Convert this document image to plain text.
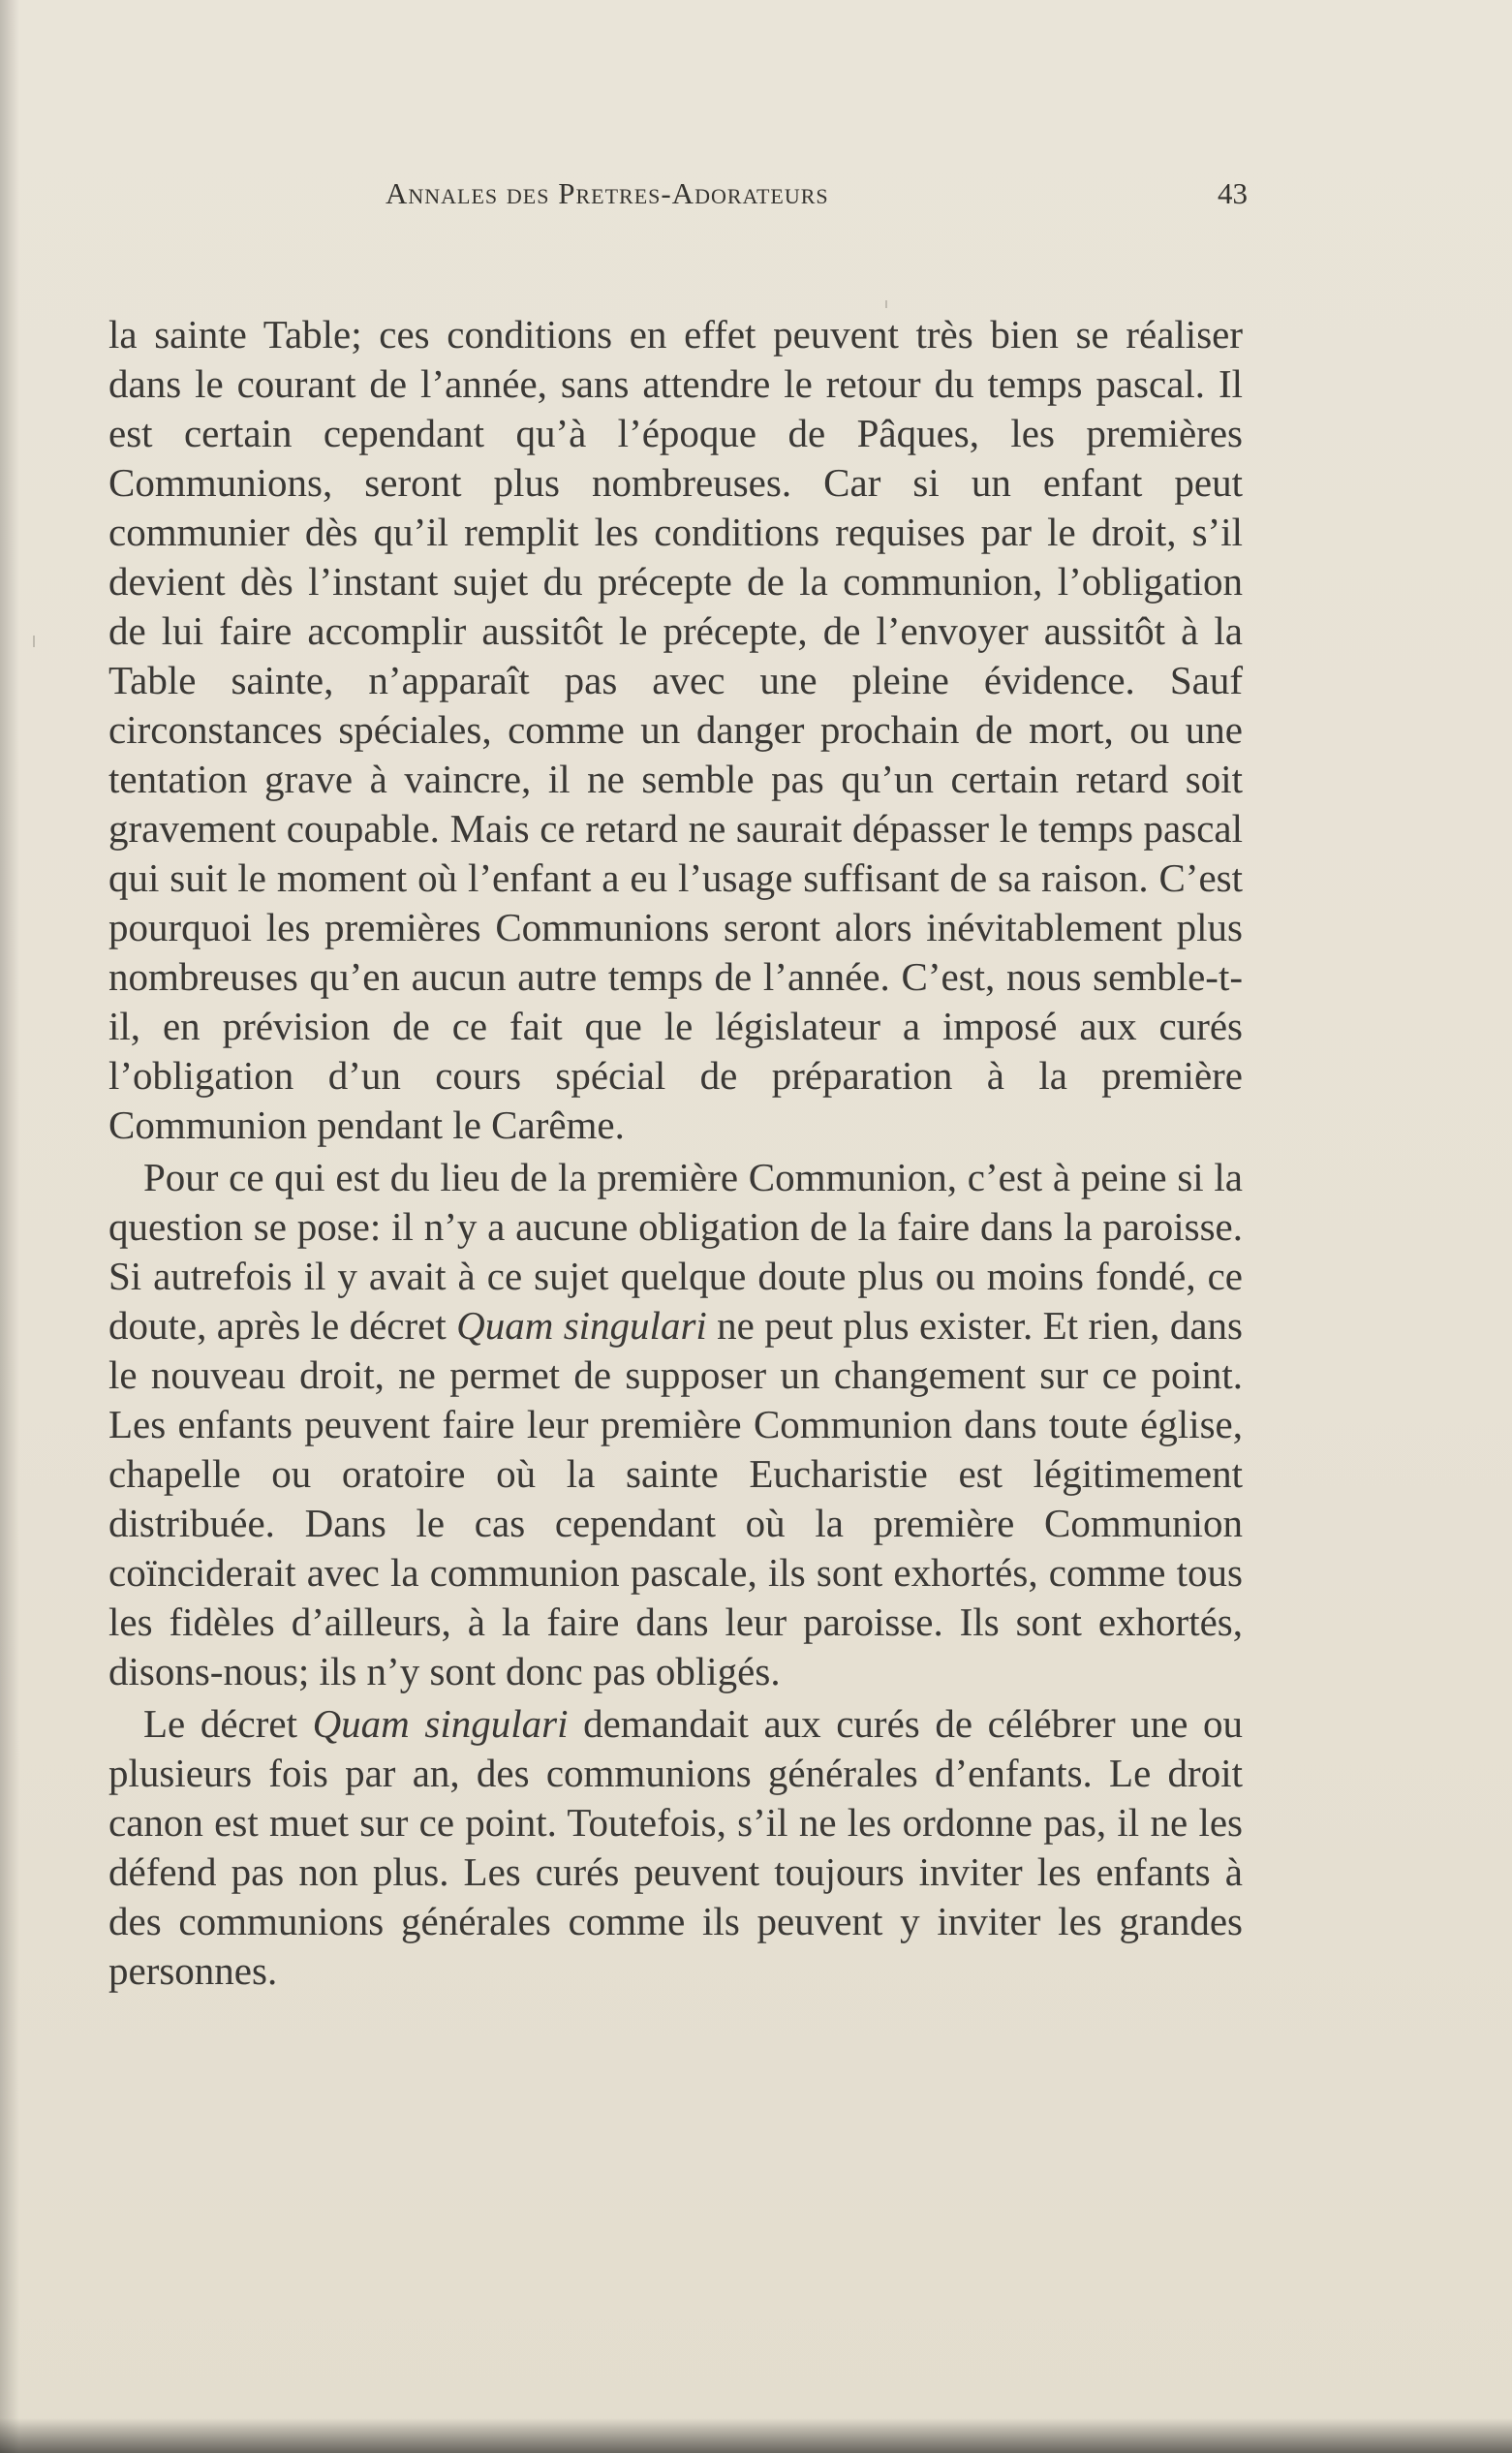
Annales des Pretres-Adorateurs	43

la sainte Table; ces conditions en effet peuvent très bien se réaliser dans le courant de l’année, sans attendre le retour du temps pascal. Il est certain cependant qu’à l’époque de Pâques, les premières Communions, seront plus nombreuses. Car si un enfant peut communier dès qu’il remplit les conditions requises par le droit, s’il devient dès l’instant sujet du précepte de la communion, l’obligation de lui faire accomplir aussitôt le précepte, de l’envoyer aussitôt à la Table sainte, n’apparaît pas avec une pleine évidence. Sauf circonstances spéciales, comme un danger prochain de mort, ou une tentation grave à vaincre, il ne semble pas qu’un certain retard soit gravement coupable. Mais ce retard ne saurait dépasser le temps pascal qui suit le moment où l’enfant a eu l’usage suffisant de sa raison. C’est pourquoi les premières Communions seront alors inévitablement plus nombreuses qu’en aucun autre temps de l’année. C’est, nous semble-t-il, en prévision de ce fait que le législateur a imposé aux curés l’obligation d’un cours spécial de préparation à la première Communion pendant le Carême.

Pour ce qui est du lieu de la première Communion, c’est à peine si la question se pose: il n’y a aucune obligation de la faire dans la paroisse. Si autrefois il y avait à ce sujet quelque doute plus ou moins fondé, ce doute, après le décret Quam singulari ne peut plus exister. Et rien, dans le nouveau droit, ne permet de supposer un changement sur ce point. Les enfants peuvent faire leur première Communion dans toute église, chapelle ou oratoire où la sainte Eucharistie est légitimement distribuée. Dans le cas cependant où la première Communion coïnciderait avec la communion pascale, ils sont exhortés, comme tous les fidèles d’ailleurs, à la faire dans leur paroisse. Ils sont exhortés, disons-nous; ils n’y sont donc pas obligés.

Le décret Quam singulari demandait aux curés de célébrer une ou plusieurs fois par an, des communions générales d’enfants. Le droit canon est muet sur ce point. Toutefois, s’il ne les ordonne pas, il ne les défend pas non plus. Les curés peuvent toujours inviter les enfants à des communions générales comme ils peuvent y inviter les grandes personnes.
